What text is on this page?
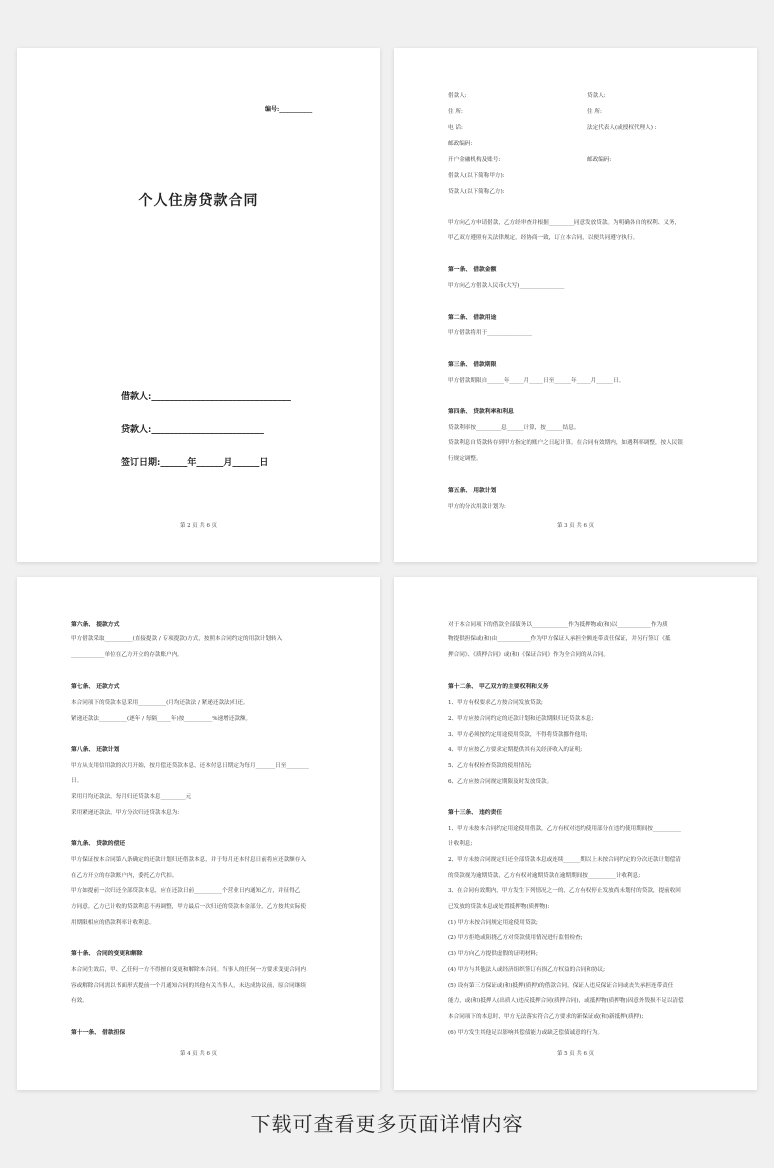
编号:___________
个人住房贷款合同
借款人:_______________________________
贷款人:_________________________
签订日期:______年______月______日
第 2 页 共 6 页
借款人:	贷款人:
住 所:	住 所:
电 话:	法定代表人(或授权代理人) :
邮政编码:
开户金融机构及账号:	邮政编码:
借款人(以下简称甲方):
贷款人(以下简称乙方):
甲方向乙方申请借款，乙方经审查并根据_________同意发放贷款。为明确各自的权利、义务，
甲乙双方遵照有关法律规定，经协商一致，订立本合同，以便共同遵守执行。
第一条、 借款金额
甲方向乙方借款人民币(大写)________________
第二条、 借款用途
甲方借款将用于________________
第三条、 借款期限
甲方借款期限自______年_____月_____日至______年_____月______日。
第四条、 贷款利率和利息
贷款利率按_________息______计算，按______结息。
贷款利息自贷款转存到甲方指定的账户之日起计算。在合同有效期内，如遇利率调整，按人民银
行规定调整。
第五条、 用款计划
甲方的分次用款计划为:
第 3 页 共 6 页
第六条、 提款方式
甲方借款采取__________(直接提款 / 专项提款)方式，按照本合同约定的用款计划转入
____________单位在乙方开立的存款账户内。
第七条、 还款方式
本合同项下的贷款本息采用__________(月均还款法 / 紧递还款法)归还。
紧递还款法__________(逐年 / 每隔_____年)按__________%递增还款额。
第八条、 还款计划
甲方从支用信用款的次月开始，按月偿还贷款本息，还本付息日期定为每月_______日至________
日。
采用月均还款法，每月归还贷款本息_________元
采用紧递还款法，甲方分次归还贷款本息为:
第九条、 贷款的偿还
甲方保证按本合同第八条确定的还款计划归还借款本息，并于每月还本付息日前将应还款额存入
在乙方开立的存款账户内，委托乙方代扣。
甲方如提前一次归还全部贷款本息，应在还款日前__________个营业日内通知乙方，并征得乙
方同意。乙方已计收的贷款利息不再调整，甲方最后一次归还的贷款本金部分，乙方按其实际使
用期限相应的借款利率计收利息。
第十条、 合同的变更和解除
本合同生效后，甲、乙任何一方不得擅自变更和解除本合同。当事人的任何一方要求变更合同内
容或解除合同需以书面形式提前一个月通知合同的其他有关当事人，未达成协议前，原合同继续
有效。
第十一条、 借款担保
第 4 页 共 6 页
对于本合同项下的借款全部债务以_____________作为抵押物或(和)以____________作为质
物提供担保或(和)由____________作为甲方保证人承担全额连带责任保证，并另行签订《抵
押合同》、《质押合同》或(和)《保证合同》作为全合同的从合同。
第十二条、 甲乙双方的主要权利和义务
1、甲方有权要求乙方按合同发放贷款;
2、甲方应按合同约定的还款计划和还款期限归还贷款本息;
3、甲方必须按约定用途使用贷款，不得将贷款挪作他用;
4、甲方应按乙方要求定期提供其有关经济收入的证明;
5、乙方有权检查贷款的使用情况;
6、乙方应按合同规定期限及时发放贷款。
第十三条、 违约责任
1、甲方未按本合同约定用途使用借款，乙方有权对违约使用部分在违约使用期间按__________
计收利息;
2、甲方未按合同规定归还全部贷款本息或连续______期以上未按合同约定的分次还款计划偿清
的贷款视为逾期贷款，乙方有权对逾期贷款在逾期期间按__________计收利息;
3、在合同有效期内，甲方发生下列情况之一的，乙方有权停止发放尚未划付的贷款，提前收回
已发放的贷款本息或处置抵押物(质押物):
(1) 甲方未按合同规定用途使用贷款;
(2) 甲方拒绝或阻挠乙方对贷款使用情况进行监督检查;
(3) 甲方向乙方提供虚假的证明材料;
(4) 甲方与其他法人或经济组织签订有损乙方权益的合同和协议;
(5) 设有第三方保证或(和)抵押(质押)的借款合同，保证人违反保证合同或丧失承担连带责任
能力，或(和)抵押人(出质人)违反抵押合同(质押合同)，或抵押物(质押物)因意外毁损不足以清偿
本合同项下的本息时，甲方无法落实符合乙方要求的新保证或(和)新抵押(质押);
(6) 甲方发生其他足以影响其偿债能力或缺乏偿债诚意的行为。
第 5 页 共 6 页
下载可查看更多页面详情内容
